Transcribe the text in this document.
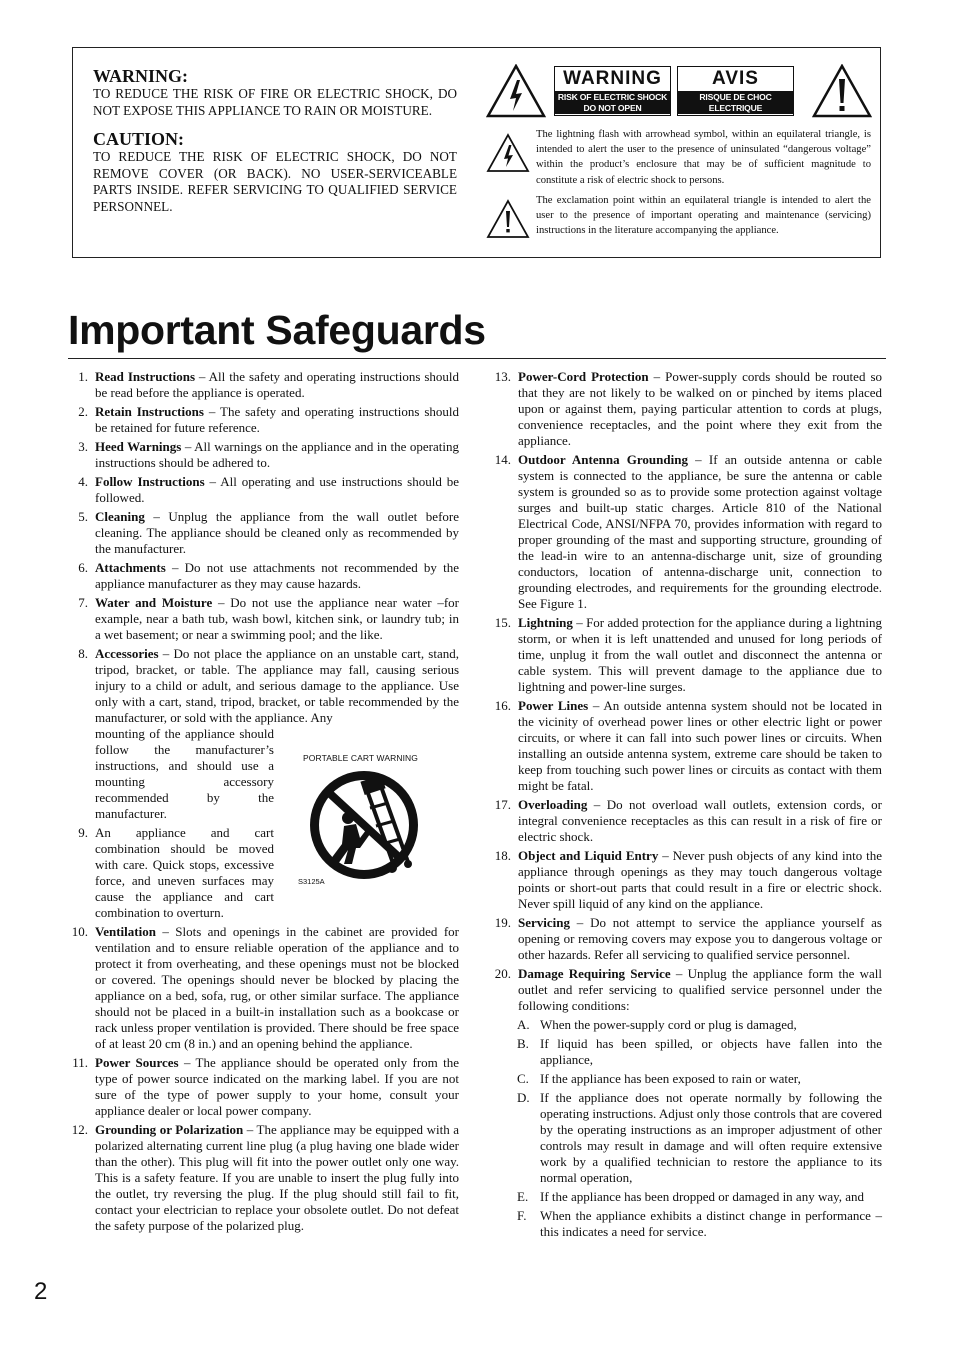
WARNING:

TO REDUCE THE RISK OF FIRE OR ELECTRIC SHOCK, DO NOT EXPOSE THIS APPLIANCE TO RAIN OR MOISTURE.

CAUTION:

TO REDUCE THE RISK OF ELECTRIC SHOCK, DO NOT REMOVE COVER (OR BACK). NO USER-SERVICEABLE PARTS INSIDE. REFER SERVICING TO QUALIFIED SERVICE PERSONNEL.

WARNING
RISK OF ELECTRIC SHOCK
DO NOT OPEN
AVIS
RISQUE DE CHOC ELECTRIQUE
NE PAS OUVRIR

The lightning flash with arrowhead symbol, within an equilateral triangle, is intended to alert the user to the presence of uninsulated “dangerous voltage” within the product’s enclosure that may be of sufficient magnitude to constitute a risk of electric shock to persons.

The exclamation point within an equilateral triangle is intended to alert the user to the presence of important operating and maintenance (servicing) instructions in the literature accompanying the appliance.

Important Safeguards
1. Read Instructions – All the safety and operating instructions should be read before the appliance is operated.
2. Retain Instructions – The safety and operating instructions should be retained for future reference.
3. Heed Warnings – All warnings on the appliance and in the operating instructions should be adhered to.
4. Follow Instructions – All operating and use instructions should be followed.
5. Cleaning – Unplug the appliance from the wall outlet before cleaning. The appliance should be cleaned only as recommended by the manufacturer.
6. Attachments – Do not use attachments not recommended by the appliance manufacturer as they may cause hazards.
7. Water and Moisture – Do not use the appliance near water –for example, near a bath tub, wash bowl, kitchen sink, or laundry tub; in a wet basement; or near a swimming pool; and the like.
8. Accessories – Do not place the appliance on an unstable cart, stand, tripod, bracket, or table. The appliance may fall, causing serious injury to a child or adult, and serious damage to the appliance. Use only with a cart, stand, tripod, bracket, or table recommended by the manufacturer, or sold with the appliance. Any
mounting of the appliance should follow the manufacturer’s instructions, and should use a mounting accessory recommended by the manufacturer.
9. An appliance and cart combination should be moved with care. Quick stops, excessive force, and uneven surfaces may cause the appliance and cart combination to overturn.
10. Ventilation – Slots and openings in the cabinet are provided for ventilation and to ensure reliable operation of the appliance and to protect it from overheating, and these openings must not be blocked or covered. The openings should never be blocked by placing the appliance on a bed, sofa, rug, or other similar surface. The appliance should not be placed in a built-in installation such as a bookcase or rack unless proper ventilation is provided. There should be free space of at least 20 cm (8 in.) and an opening behind the appliance.
11. Power Sources – The appliance should be operated only from the type of power source indicated on the marking label. If you are not sure of the type of power supply to your home, consult your appliance dealer or local power company.
12. Grounding or Polarization – The appliance may be equipped with a polarized alternating current line plug (a plug having one blade wider than the other). This plug will fit into the power outlet only one way. This is a safety feature. If you are unable to insert the plug fully into the outlet, try reversing the plug. If the plug should still fail to fit, contact your electrician to replace your obsolete outlet. Do not defeat the safety purpose of the polarized plug.
PORTABLE CART WARNING
S3125A
13. Power-Cord Protection – Power-supply cords should be routed so that they are not likely to be walked on or pinched by items placed upon or against them, paying particular attention to cords at plugs, convenience receptacles, and the point where they exit from the appliance.
14. Outdoor Antenna Grounding – If an outside antenna or cable system is connected to the appliance, be sure the antenna or cable system is grounded so as to provide some protection against voltage surges and built-up static charges. Article 810 of the National Electrical Code, ANSI/NFPA 70, provides information with regard to proper grounding of the mast and supporting structure, grounding of the lead-in wire to an antenna-discharge unit, size of grounding conductors, location of antenna-discharge unit, connection to grounding electrodes, and requirements for the grounding electrode. See Figure 1.
15. Lightning – For added protection for the appliance during a lightning storm, or when it is left unattended and unused for long periods of time, unplug it from the wall outlet and disconnect the antenna or cable system. This will prevent damage to the appliance due to lightning and power-line surges.
16. Power Lines – An outside antenna system should not be located in the vicinity of overhead power lines or other electric light or power circuits, or where it can fall into such power lines or circuits. When installing an outside antenna system, extreme care should be taken to keep from touching such power lines or circuits as contact with them might be fatal.
17. Overloading – Do not overload wall outlets, extension cords, or integral convenience receptacles as this can result in a risk of fire or electric shock.
18. Object and Liquid Entry – Never push objects of any kind into the appliance through openings as they may touch dangerous voltage points or short-out parts that could result in a fire or electric shock. Never spill liquid of any kind on the appliance.
19. Servicing – Do not attempt to service the appliance yourself as opening or removing covers may expose you to dangerous voltage or other hazards. Refer all servicing to qualified service personnel.
20. Damage Requiring Service – Unplug the appliance form the wall outlet and refer servicing to qualified service personnel under the following conditions:
A. When the power-supply cord or plug is damaged,
B. If liquid has been spilled, or objects have fallen into the appliance,
C. If the appliance has been exposed to rain or water,
D. If the appliance does not operate normally by following the operating instructions. Adjust only those controls that are covered by the operating instructions as an improper adjustment of other controls may result in damage and will often require extensive work by a qualified technician to restore the appliance to its normal operation,
E. If the appliance has been dropped or damaged in any way, and
F. When the appliance exhibits a distinct change in performance – this indicates a need for service.
2
